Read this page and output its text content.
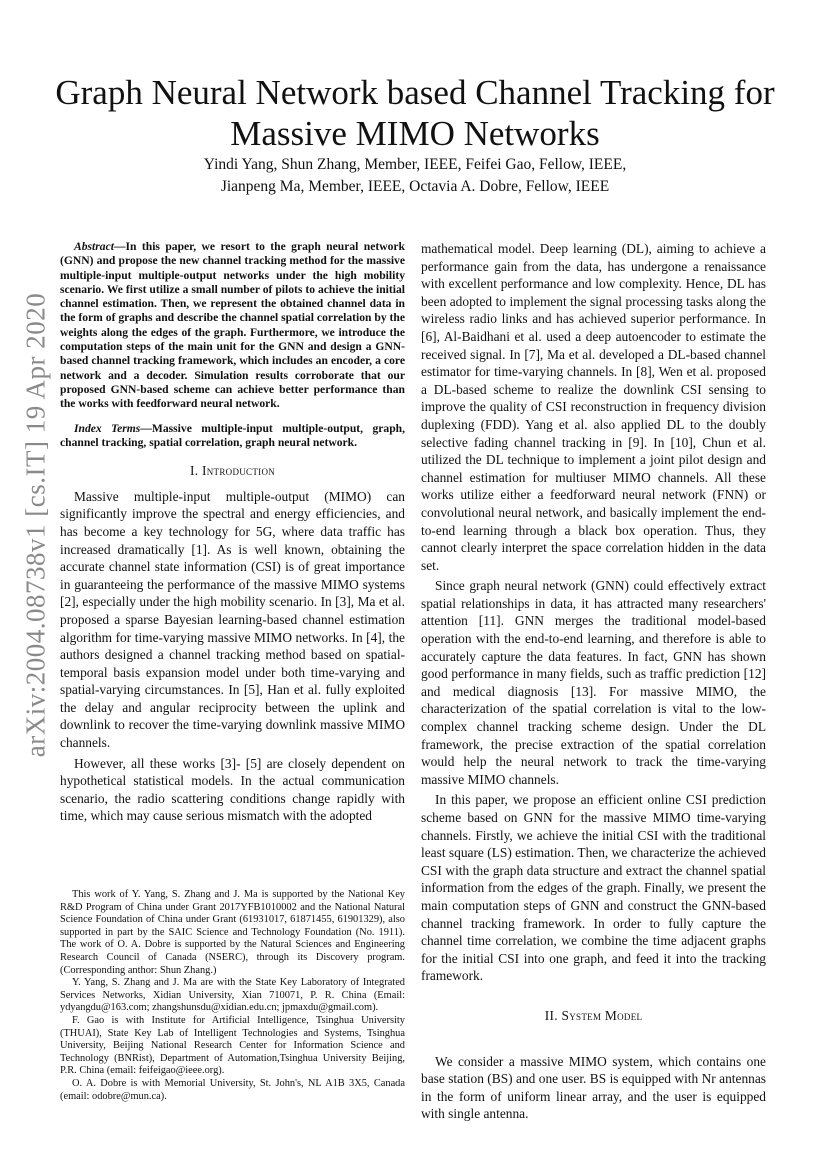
arXiv:2004.08738v1 [cs.IT] 19 Apr 2020
Graph Neural Network based Channel Tracking for
Massive MIMO Networks
Yindi Yang, Shun Zhang, Member, IEEE, Feifei Gao, Fellow, IEEE,
Jianpeng Ma, Member, IEEE, Octavia A. Dobre, Fellow, IEEE

Abstract—In this paper, we resort to the graph neural network (GNN) and propose the new channel tracking method for the massive multiple-input multiple-output networks under the high mobility scenario. We first utilize a small number of pilots to achieve the initial channel estimation. Then, we represent the obtained channel data in the form of graphs and describe the channel spatial correlation by the weights along the edges of the graph. Furthermore, we introduce the computation steps of the main unit for the GNN and design a GNN-based channel tracking framework, which includes an encoder, a core network and a decoder. Simulation results corroborate that our proposed GNN-based scheme can achieve better performance than the works with feedforward neural network.

Index Terms—Massive multiple-input multiple-output, graph, channel tracking, spatial correlation, graph neural network.

I. Introduction

Massive multiple-input multiple-output (MIMO) can significantly improve the spectral and energy efficiencies, and has become a key technology for 5G, where data traffic has increased dramatically [1]. As is well known, obtaining the accurate channel state information (CSI) is of great importance in guaranteeing the performance of the massive MIMO systems [2], especially under the high mobility scenario. In [3], Ma et al. proposed a sparse Bayesian learning-based channel estimation algorithm for time-varying massive MIMO networks. In [4], the authors designed a channel tracking method based on spatial-temporal basis expansion model under both time-varying and spatial-varying circumstances. In [5], Han et al. fully exploited the delay and angular reciprocity between the uplink and downlink to recover the time-varying downlink massive MIMO channels.

However, all these works [3]- [5] are closely dependent on hypothetical statistical models. In the actual communication scenario, the radio scattering conditions change rapidly with time, which may cause serious mismatch with the adopted

This work of Y. Yang, S. Zhang and J. Ma is supported by the National Key R&D Program of China under Grant 2017YFB1010002 and the National Natural Science Foundation of China under Grant (61931017, 61871455, 61901329), also supported in part by the SAIC Science and Technology Foundation (No. 1911). The work of O. A. Dobre is supported by the Natural Sciences and Engineering Research Council of Canada (NSERC), through its Discovery program. (Corresponding anthor: Shun Zhang.)

Y. Yang, S. Zhang and J. Ma are with the State Key Laboratory of Integrated Services Networks, Xidian University, Xian 710071, P. R. China (Email: ydyangdu@163.com; zhangshunsdu@xidian.edu.cn; jpmaxdu@gmail.com).

F. Gao is with Institute for Artificial Intelligence, Tsinghua University (THUAI), State Key Lab of Intelligent Technologies and Systems, Tsinghua University, Beijing National Research Center for Information Science and Technology (BNRist), Department of Automation,Tsinghua University Beijing, P.R. China (email: feifeigao@ieee.org).

O. A. Dobre is with Memorial University, St. John's, NL A1B 3X5, Canada (email: odobre@mun.ca).

mathematical model. Deep learning (DL), aiming to achieve a performance gain from the data, has undergone a renaissance with excellent performance and low complexity. Hence, DL has been adopted to implement the signal processing tasks along the wireless radio links and has achieved superior performance. In [6], Al-Baidhani et al. used a deep autoencoder to estimate the received signal. In [7], Ma et al. developed a DL-based channel estimator for time-varying channels. In [8], Wen et al. proposed a DL-based scheme to realize the downlink CSI sensing to improve the quality of CSI reconstruction in frequency division duplexing (FDD). Yang et al. also applied DL to the doubly selective fading channel tracking in [9]. In [10], Chun et al. utilized the DL technique to implement a joint pilot design and channel estimation for multiuser MIMO channels. All these works utilize either a feedforward neural network (FNN) or convolutional neural network, and basically implement the end-to-end learning through a black box operation. Thus, they cannot clearly interpret the space correlation hidden in the data set.

Since graph neural network (GNN) could effectively extract spatial relationships in data, it has attracted many researchers' attention [11]. GNN merges the traditional model-based operation with the end-to-end learning, and therefore is able to accurately capture the data features. In fact, GNN has shown good performance in many fields, such as traffic prediction [12] and medical diagnosis [13]. For massive MIMO, the characterization of the spatial correlation is vital to the low-complex channel tracking scheme design. Under the DL framework, the precise extraction of the spatial correlation would help the neural network to track the time-varying massive MIMO channels.

In this paper, we propose an efficient online CSI prediction scheme based on GNN for the massive MIMO time-varying channels. Firstly, we achieve the initial CSI with the traditional least square (LS) estimation. Then, we characterize the achieved CSI with the graph data structure and extract the channel spatial information from the edges of the graph. Finally, we present the main computation steps of GNN and construct the GNN-based channel tracking framework. In order to fully capture the channel time correlation, we combine the time adjacent graphs for the initial CSI into one graph, and feed it into the tracking framework.

II. System Model

We consider a massive MIMO system, which contains one base station (BS) and one user. BS is equipped with Nr antennas in the form of uniform linear array, and the user is equipped with single antenna.
